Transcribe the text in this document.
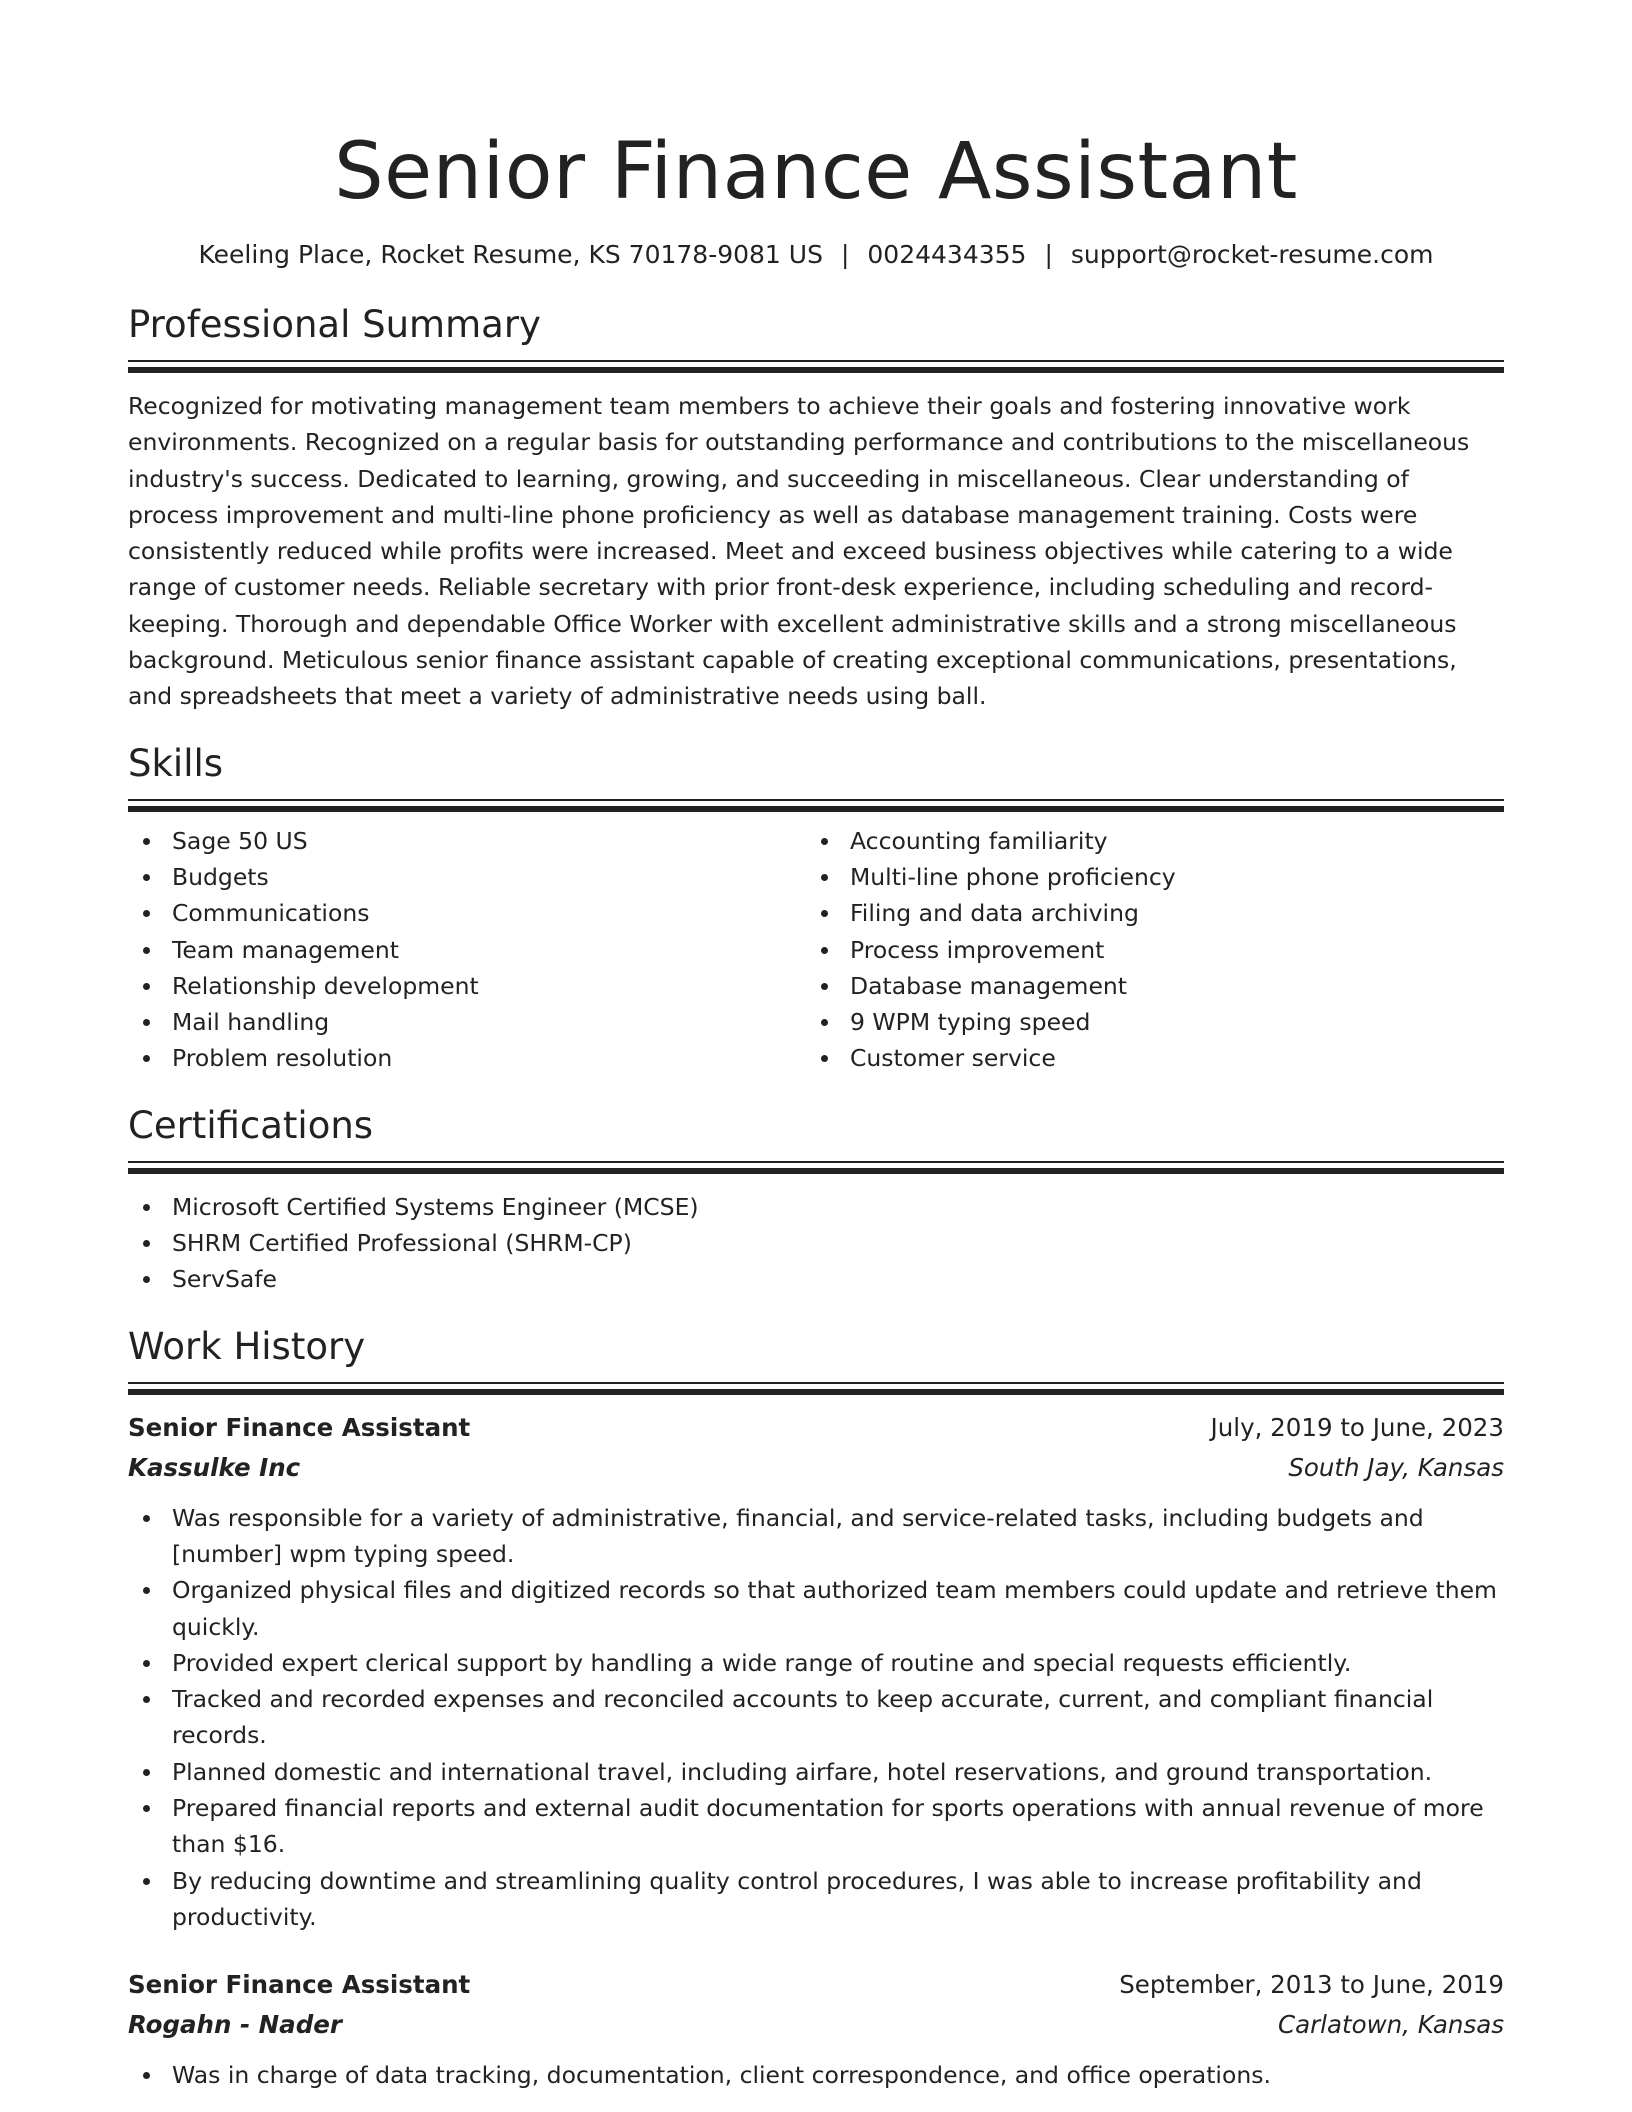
Senior Finance Assistant
Keeling Place, Rocket Resume, KS 70178-9081 US | 0024434355 | support@rocket-resume.com
Professional Summary

Recognized for motivating management team members to achieve their goals and fostering innovative work environments. Recognized on a regular basis for outstanding performance and contributions to the miscellaneous industry's success. Dedicated to learning, growing, and succeeding in miscellaneous. Clear understanding of process improvement and multi-line phone proficiency as well as database management training. Costs were consistently reduced while profits were increased. Meet and exceed business objectives while catering to a wide range of customer needs. Reliable secretary with prior front-desk experience, including scheduling and record-keeping. Thorough and dependable Office Worker with excellent administrative skills and a strong miscellaneous background. Meticulous senior finance assistant capable of creating exceptional communications, presentations, and spreadsheets that meet a variety of administrative needs using ball.

Skills
Sage 50 US
Budgets
Communications
Team management
Relationship development
Mail handling
Problem resolution
Accounting familiarity
Multi-line phone proficiency
Filing and data archiving
Process improvement
Database management
9 WPM typing speed
Customer service
Certifications
Microsoft Certified Systems Engineer (MCSE)
SHRM Certified Professional (SHRM-CP)
ServSafe
Work History
Senior Finance Assistant	July, 2019 to June, 2023
Kassulke Inc	South Jay, Kansas
Was responsible for a variety of administrative, financial, and service-related tasks, including budgets and [number] wpm typing speed.
Organized physical files and digitized records so that authorized team members could update and retrieve them quickly.
Provided expert clerical support by handling a wide range of routine and special requests efficiently.
Tracked and recorded expenses and reconciled accounts to keep accurate, current, and compliant financial records.
Planned domestic and international travel, including airfare, hotel reservations, and ground transportation.
Prepared financial reports and external audit documentation for sports operations with annual revenue of more than $16.
By reducing downtime and streamlining quality control procedures, I was able to increase profitability and productivity.
Senior Finance Assistant	September, 2013 to June, 2019
Rogahn - Nader	Carlatown, Kansas
Was in charge of data tracking, documentation, client correspondence, and office operations.
